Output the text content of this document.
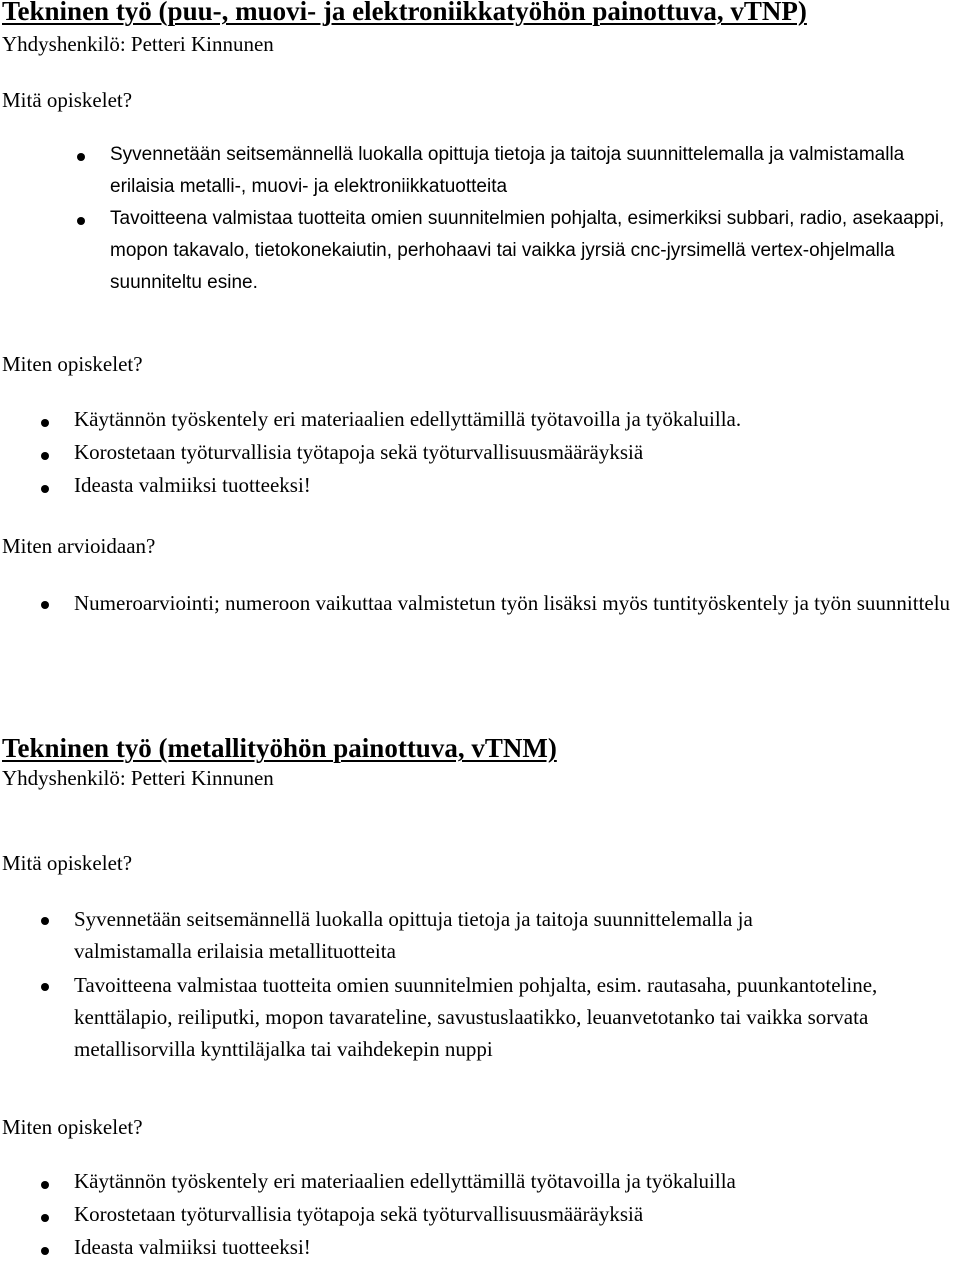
Tekninen työ (puu-, muovi- ja elektroniikkatyöhön painottuva, vTNP)
Yhdyshenkilö: Petteri Kinnunen
Mitä opiskelet?
Syvennetään seitsemännellä luokalla opittuja tietoja ja taitoja suunnittelemalla ja valmistamalla erilaisia metalli-, muovi- ja elektroniikkatuotteita
Tavoitteena valmistaa tuotteita omien suunnitelmien pohjalta, esimerkiksi subbari, radio, asekaappi, mopon takavalo, tietokonekaiutin, perhohaavi tai vaikka jyrsiä cnc-jyrsimellä vertex-ohjelmalla suunniteltu esine.
Miten opiskelet?
Käytännön työskentely eri materiaalien edellyttämillä työtavoilla ja työkaluilla.
Korostetaan työturvallisia työtapoja sekä työturvallisuusmääräyksiä
Ideasta valmiiksi tuotteeksi!
Miten arvioidaan?
Numeroarviointi; numeroon vaikuttaa valmistetun työn lisäksi myös tuntityöskentely ja työn suunnittelu
Tekninen työ (metallityöhön painottuva, vTNM)
Yhdyshenkilö: Petteri Kinnunen
Mitä opiskelet?
Syvennetään seitsemännellä luokalla opittuja tietoja ja taitoja suunnittelemalla ja valmistamalla erilaisia metallituotteita
Tavoitteena valmistaa tuotteita omien suunnitelmien pohjalta, esim. rautasaha, puunkantoteline, kenttälapio, reiliputki, mopon tavarateline, savustuslaatikko, leuanvetotanko tai vaikka sorvata metallisorvilla kynttiläjalka tai vaihdekepin nuppi
Miten opiskelet?
Käytännön työskentely eri materiaalien edellyttämillä työtavoilla ja työkaluilla
Korostetaan työturvallisia työtapoja sekä työturvallisuusmääräyksiä
Ideasta valmiiksi tuotteeksi!
